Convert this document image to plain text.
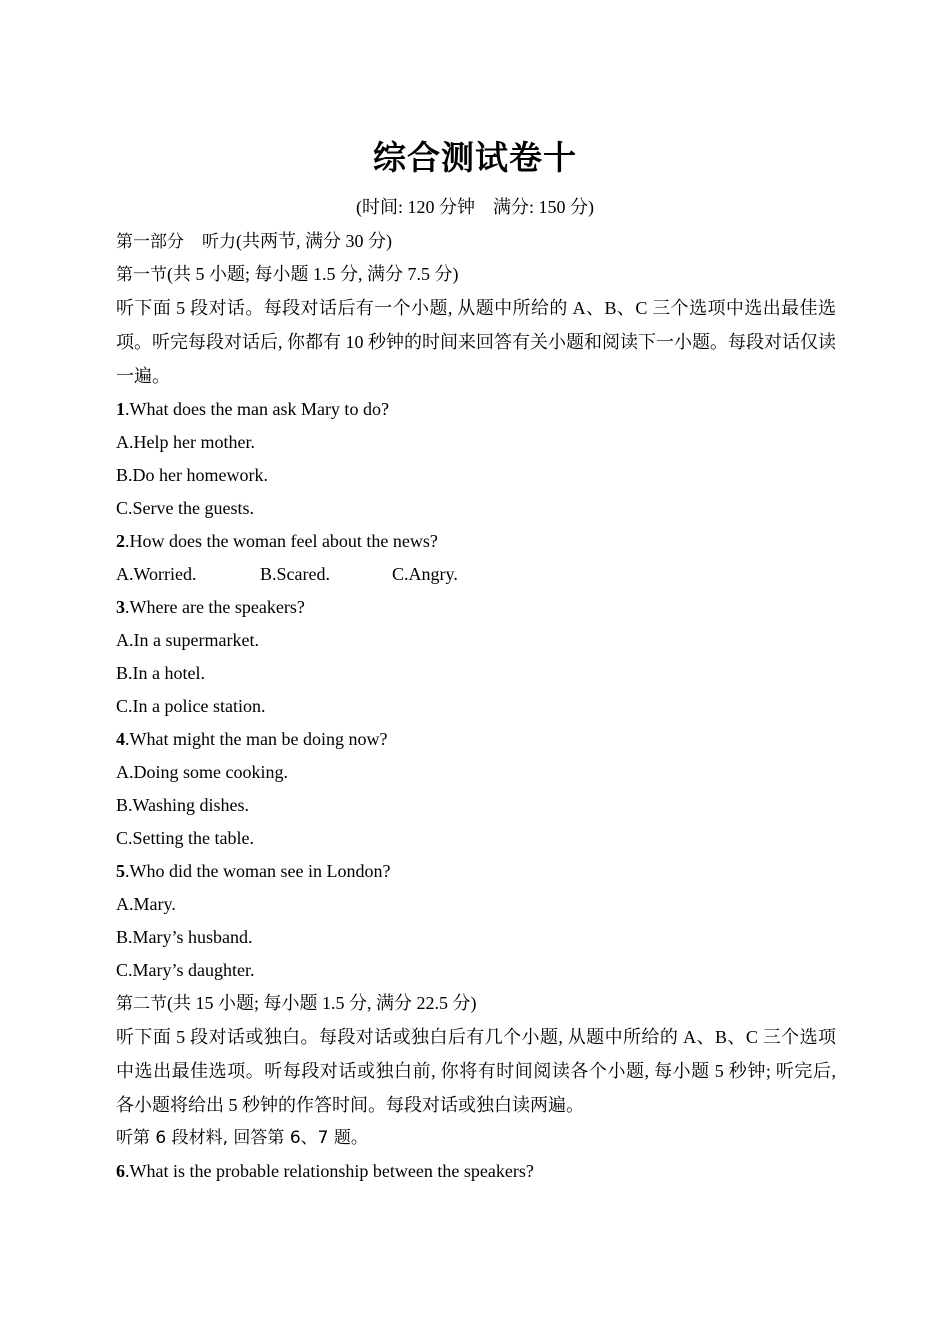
综合测试卷十
(时间: 120 分钟 满分: 150 分)
第一部分 听力(共两节, 满分 30 分)
第一节(共 5 小题; 每小题 1.5 分, 满分 7.5 分)
听下面 5 段对话。每段对话后有一个小题, 从题中所给的 A、B、C 三个选项中选出最佳选项。听完每段对话后, 你都有 10 秒钟的时间来回答有关小题和阅读下一小题。每段对话仅读一遍。
1.What does the man ask Mary to do?
A.Help her mother.
B.Do her homework.
C.Serve the guests.
2.How does the woman feel about the news?
A.Worried.	B.Scared.	C.Angry.
3.Where are the speakers?
A.In a supermarket.
B.In a hotel.
C.In a police station.
4.What might the man be doing now?
A.Doing some cooking.
B.Washing dishes.
C.Setting the table.
5.Who did the woman see in London?
A.Mary.
B.Mary’s husband.
C.Mary’s daughter.
第二节(共 15 小题; 每小题 1.5 分, 满分 22.5 分)
听下面 5 段对话或独白。每段对话或独白后有几个小题, 从题中所给的 A、B、C 三个选项中选出最佳选项。听每段对话或独白前, 你将有时间阅读各个小题, 每小题 5 秒钟; 听完后, 各小题将给出 5 秒钟的作答时间。每段对话或独白读两遍。
听第 6 段材料, 回答第 6、7 题。
6.What is the probable relationship between the speakers?
